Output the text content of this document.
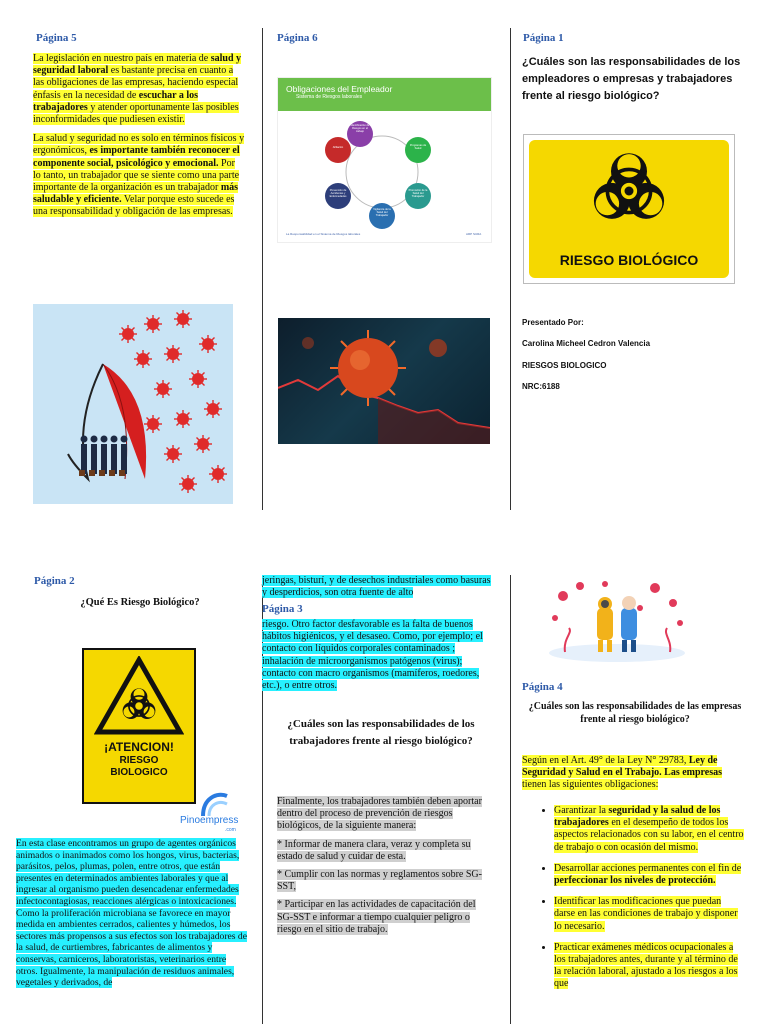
Página 5

La legislación en nuestro país en materia de salud y seguridad laboral es bastante precisa en cuanto a las obligaciones de las empresas, haciendo especial énfasis en la necesidad de escuchar a los trabajadores y atender oportunamente las posibles inconformidades que pudiesen existir.

La salud y seguridad no es solo en términos físicos y ergonómicos, es importante también reconocer el componente social, psicológico y emocional. Por lo tanto, un trabajador que se siente como una parte importante de la organización es un trabajador más saludable y eficiente. Velar porque esto sucede es una responsabilidad y obligación de las empresas.

Página 6
Obligaciones del Empleador
Sistema de Riesgos laborales
Identificación de Riesgos en el trabajo
Programas de Salud
Promoción de la Salud del Trabajador
Vigilancia de la Salud del Trabajador
Prevención de Accidentes y Enfermedades
Afiliación
La Responsabilidad en el Sistema de Riesgos laborales	ARP SURA
Página 1
¿Cuáles son las responsabilidades de los empleadores o empresas y trabajadores frente al riesgo biológico?
RIESGO BIOLÓGICO
Presentado Por:
Carolina Micheel Cedron Valencia
RIESGOS BIOLOGICO
NRC:6188
Página 2
¿Qué Es Riesgo Biológico?
¡ATENCION!
RIESGO
BIOLOGICO
Pinoempress
.com
En esta clase encontramos un grupo de agentes orgánicos animados o inanimados como los hongos, virus, bacterias, parásitos, pelos, plumas, polen, entre otros, que están presentes en determinados ambientes laborales y que al ingresar al organismo pueden desencadenar enfermedades infectocontagiosas, reacciones alérgicas o intoxicaciones. Como la proliferación microbiana se favorece en mayor medida en ambientes cerrados, calientes y húmedos, los sectores más propensos a sus efectos son los trabajadores de la salud, de curtiembres, fabricantes de alimentos y conservas, carniceros, laboratoristas, veterinarios entre otros. Igualmente, la manipulación de residuos animales, vegetales y derivados, de
jeringas, bisturí, y de desechos industriales como basuras y desperdicios, son otra fuente de alto
Página 3
riesgo. Otro factor desfavorable es la falta de buenos hábitos higiénicos, y el desaseo. Como, por ejemplo; el contacto con líquidos corporales contaminados ; inhalación de microorganismos patógenos (virus); contacto con macro organismos (mamíferos, roedores, etc.), o entre otros.
¿Cuáles son las responsabilidades de los trabajadores frente al riesgo biológico?

Finalmente, los trabajadores también deben aportar dentro del proceso de prevención de riesgos biológicos, de la siguiente manera:

* Informar de manera clara, veraz y completa su estado de salud y cuidar de esta.

* Cumplir con las normas y reglamentos sobre SG-SST,

* Participar en las actividades de capacitación del SG-SST e informar a tiempo cualquier peligro o riesgo en el sitio de trabajo.

Página 4
¿Cuáles son las responsabilidades de las empresas frente al riesgo biológico?
Según en el Art. 49° de la Ley N° 29783, Ley de Seguridad y Salud en el Trabajo. Las empresas tienen las siguientes obligaciones:
• Garantizar la seguridad y la salud de los trabajadores en el desempeño de todos los aspectos relacionados con su labor, en el centro de trabajo o con ocasión del mismo.
• Desarrollar acciones permanentes con el fin de perfeccionar los niveles de protección.
• Identificar las modificaciones que puedan darse en las condiciones de trabajo y disponer lo necesario.
• Practicar exámenes médicos ocupacionales a los trabajadores antes, durante y al término de la relación laboral, ajustado a los riesgos a los que
